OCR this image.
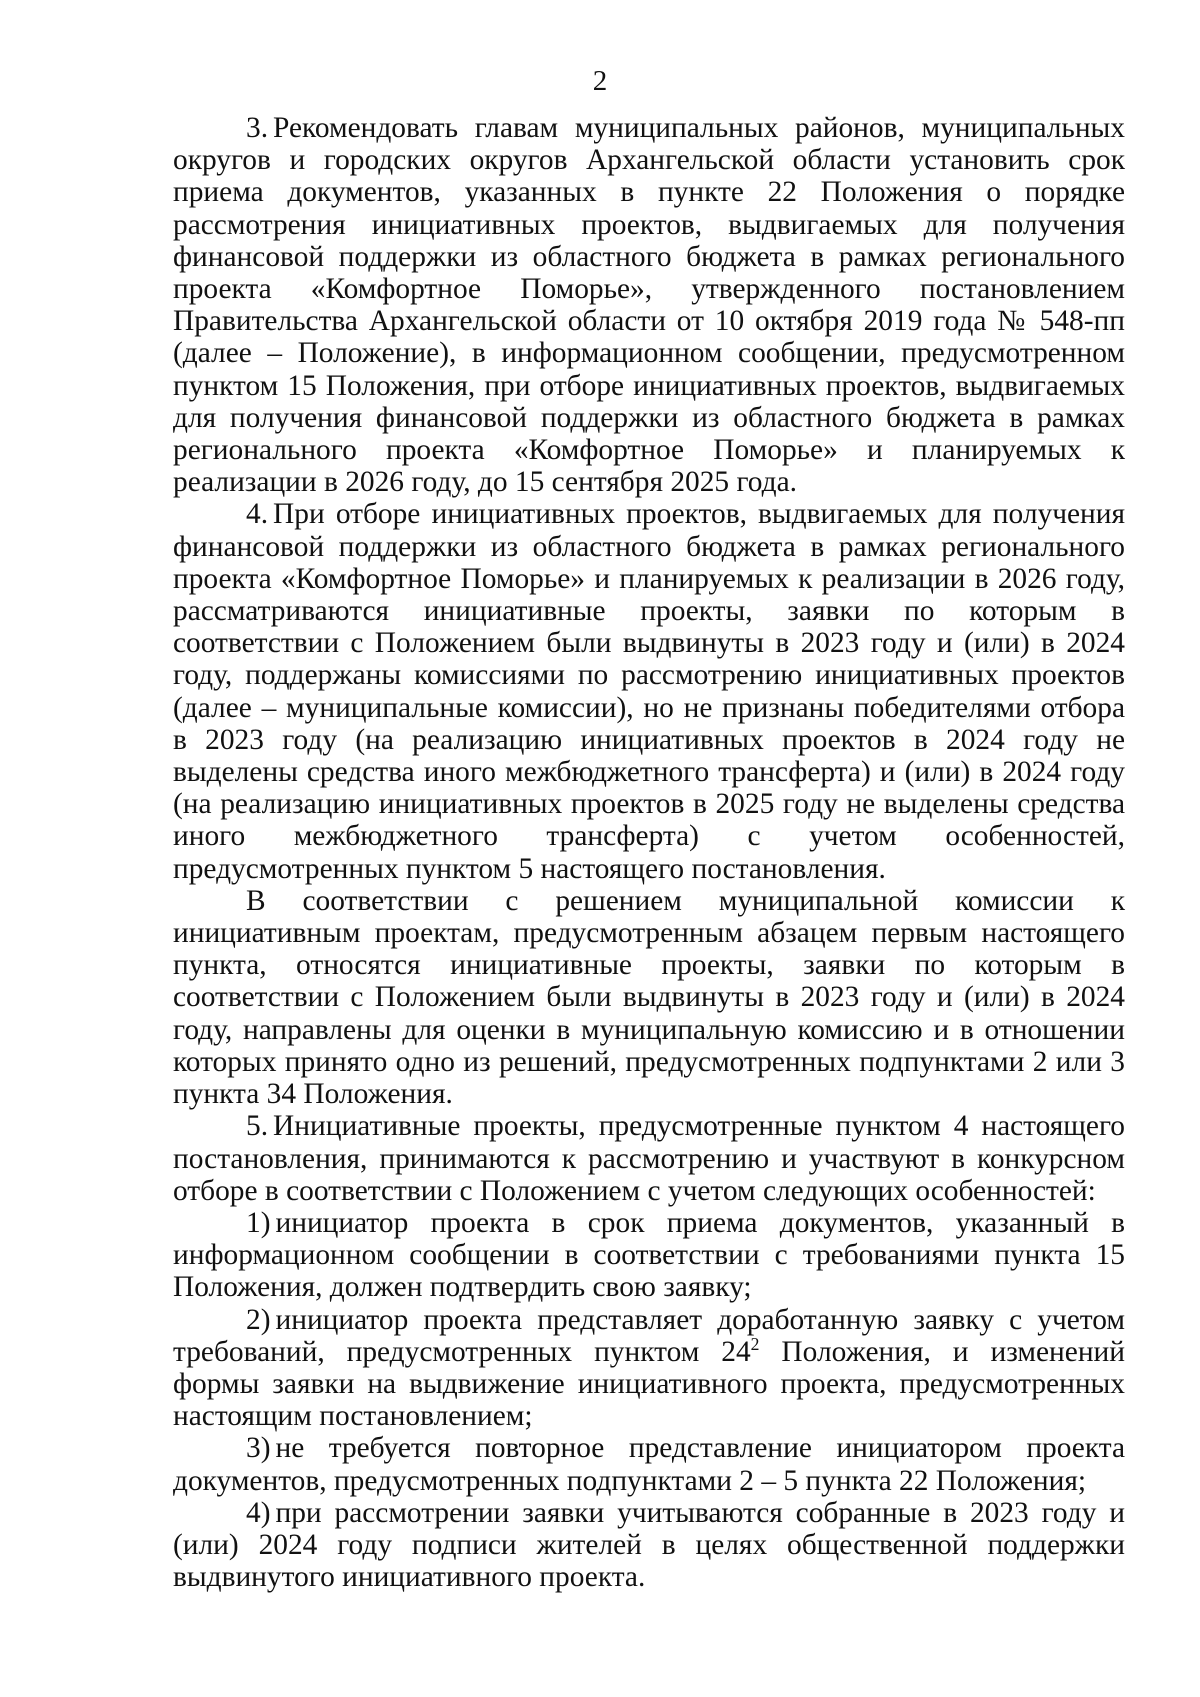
2

3. Рекомендовать главам муниципальных районов, муниципальных округов и городских округов Архангельской области установить срок приема документов, указанных в пункте 22 Положения о порядке рассмотрения инициативных проектов, выдвигаемых для получения финансовой поддержки из областного бюджета в рамках регионального проекта «Комфортное Поморье», утвержденного постановлением Правительства Архангельской области от 10 октября 2019 года № 548-пп (далее – Положение), в информационном сообщении, предусмотренном пунктом 15 Положения, при отборе инициативных проектов, выдвигаемых для получения финансовой поддержки из областного бюджета в рамках регионального проекта «Комфортное Поморье» и планируемых к реализации в 2026 году, до 15 сентября 2025 года.

4. При отборе инициативных проектов, выдвигаемых для получения финансовой поддержки из областного бюджета в рамках регионального проекта «Комфортное Поморье» и планируемых к реализации в 2026 году, рассматриваются инициативные проекты, заявки по которым в соответствии с Положением были выдвинуты в 2023 году и (или) в 2024 году, поддержаны комиссиями по рассмотрению инициативных проектов (далее – муниципальные комиссии), но не признаны победителями отбора в 2023 году (на реализацию инициативных проектов в 2024 году не выделены средства иного межбюджетного трансферта) и (или) в 2024 году (на реализацию инициативных проектов в 2025 году не выделены средства иного межбюджетного трансферта) с учетом особенностей, предусмотренных пунктом 5 настоящего постановления.

В соответствии с решением муниципальной комиссии к инициативным проектам, предусмотренным абзацем первым настоящего пункта, относятся инициативные проекты, заявки по которым в соответствии с Положением были выдвинуты в 2023 году и (или) в 2024 году, направлены для оценки в муниципальную комиссию и в отношении которых принято одно из решений, предусмотренных подпунктами 2 или 3 пункта 34 Положения.

5. Инициативные проекты, предусмотренные пунктом 4 настоящего постановления, принимаются к рассмотрению и участвуют в конкурсном отборе в соответствии с Положением с учетом следующих особенностей:

1) инициатор проекта в срок приема документов, указанный в информационном сообщении в соответствии с требованиями пункта 15 Положения, должен подтвердить свою заявку;

2) инициатор проекта представляет доработанную заявку с учетом требований, предусмотренных пунктом $24^2$ Положения, и изменений формы заявки на выдвижение инициативного проекта, предусмотренных настоящим постановлением;

3) не требуется повторное представление инициатором проекта документов, предусмотренных подпунктами 2 – 5 пункта 22 Положения;

4) при рассмотрении заявки учитываются собранные в 2023 году и (или) 2024 году подписи жителей в целях общественной поддержки выдвинутого инициативного проекта.
